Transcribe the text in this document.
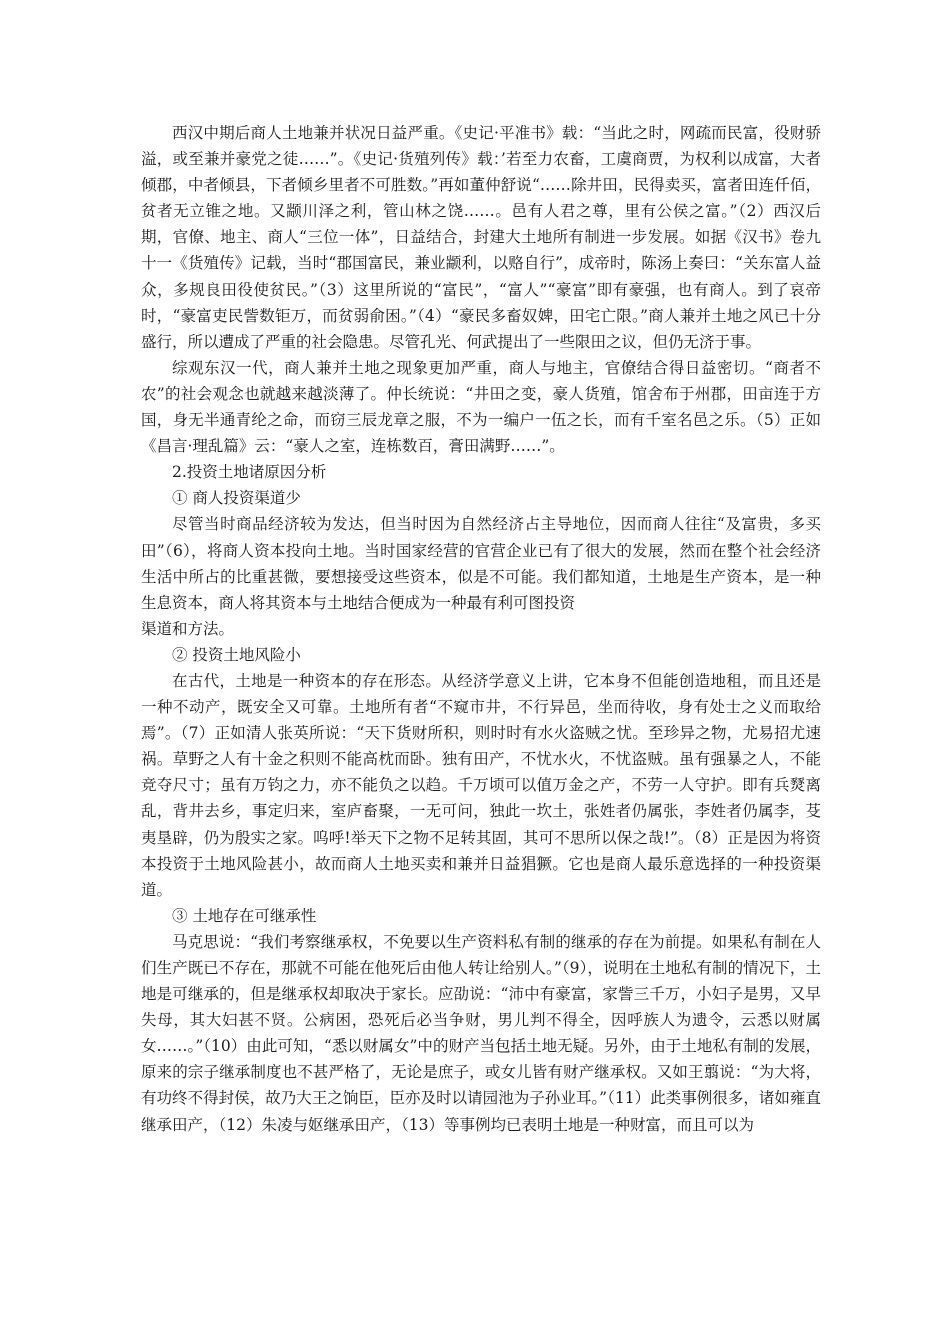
西汉中期后商人土地兼并状况日益严重。《史记·平准书》载：“当此之时，网疏而民富，役财骄溢，或至兼并豪党之徒……”。《史记·货殖列传》载：’若至力农畜，工虞商贾，为权利以成富，大者倾郡，中者倾县，下者倾乡里者不可胜数。”再如董仲舒说“……除井田，民得卖买，富者田连仟佰，贫者无立锥之地。又颛川泽之利，管山林之饶……。邑有人君之尊，里有公侯之富。”（2）西汉后期，官僚、地主、商人“三位一体”，日益结合，封建大土地所有制进一步发展。如据《汉书》卷九十一《货殖传》记载，当时“郡国富民，兼业颛利，以赂自行”，成帝时，陈汤上奏曰：“关东富人益众，多规良田役使贫民。”（3）这里所说的“富民”，“富人”“豪富”即有豪强，也有商人。到了哀帝时，“豪富吏民訾数钜万，而贫弱俞困。”（4）“豪民多畜奴婢，田宅亡限。”商人兼并土地之风已十分盛行，所以遭成了严重的社会隐患。尽管孔光、何武提出了一些限田之议，但仍无济于事。

综观东汉一代，商人兼并土地之现象更加严重，商人与地主，官僚结合得日益密切。“商者不农”的社会观念也就越来越淡薄了。仲长统说：“井田之变，豪人货殖，馆舍布于州郡，田亩连于方国，身无半通青纶之命，而窃三辰龙章之服，不为一编户一伍之长，而有千室名邑之乐。（5）正如《昌言·理乱篇》云：“豪人之室，连栋数百，膏田满野……”。

2.投资土地诸原因分析

① 商人投资渠道少

尽管当时商品经济较为发达，但当时因为自然经济占主导地位，因而商人往往“及富贵，多买田”（6），将商人资本投向土地。当时国家经营的官营企业已有了很大的发展，然而在整个社会经济生活中所占的比重甚微，要想接受这些资本，似是不可能。我们都知道，土地是生产资本，是一种生息资本，商人将其资本与土地结合便成为一种最有利可图投资

渠道和方法。

② 投资土地风险小

在古代，土地是一种资本的存在形态。从经济学意义上讲，它本身不但能创造地租，而且还是一种不动产，既安全又可靠。土地所有者“不窥市井，不行异邑，坐而待收，身有处士之义而取给焉”。（7）正如清人张英所说：“天下货财所积，则时时有水火盗贼之忧。至珍异之物，尤易招尤速祸。草野之人有十金之积则不能高枕而卧。独有田产，不忧水火，不忧盗贼。虽有强暴之人，不能竞夺尺寸；虽有万钧之力，亦不能负之以趋。千万顷可以值万金之产，不劳一人守护。即有兵燹离乱，背井去乡，事定归来，室庐畜聚，一无可问，独此一坎土，张姓者仍属张，李姓者仍属李，芟夷垦辟，仍为殷实之家。呜呼!举天下之物不足转其固，其可不思所以保之哉!”。（8）正是因为将资本投资于土地风险甚小，故而商人土地买卖和兼并日益猖獗。它也是商人最乐意选择的一种投资渠道。

③ 土地存在可继承性

马克思说：“我们考察继承权，不免要以生产资料私有制的继承的存在为前提。如果私有制在人们生产既已不存在，那就不可能在他死后由他人转让给别人。”（9），说明在土地私有制的情况下，土地是可继承的，但是继承权却取决于家长。应劭说：“沛中有豪富，家訾三千万，小妇子是男，又早失母，其大妇甚不贤。公病困，恐死后必当争财，男儿判不得全，因呼族人为遗令，云悉以财属女……。”（10）由此可知，“悉以财属女”中的财产当包括土地无疑。另外，由于土地私有制的发展，原来的宗子继承制度也不甚严格了，无论是庶子，或女儿皆有财产继承权。又如王翦说：“为大将，有功终不得封侯，故乃大王之饷臣，臣亦及时以请园池为子孙业耳。”（11）此类事例很多，诸如雍直继承田产，（12）朱凌与妪继承田产，（13）等事例均已表明土地是一种财富，而且可以为
